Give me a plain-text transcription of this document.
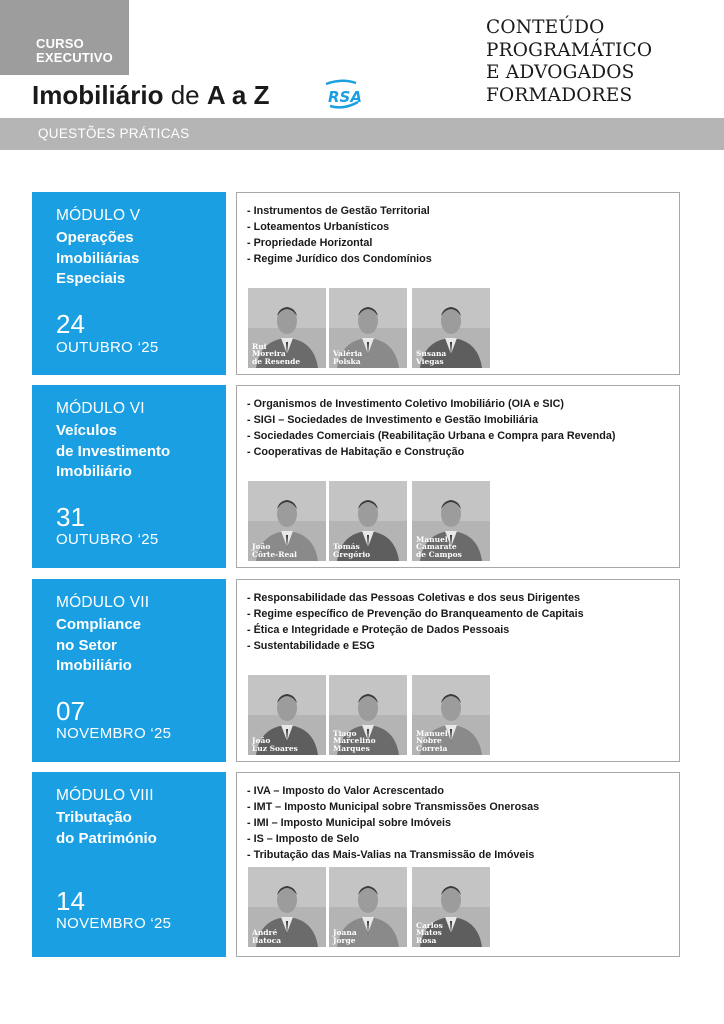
CURSO
EXECUTIVO
Imobiliário de A a Z	RSA
CONTEÚDO
PROGRAMÁTICO
E ADVOGADOS
FORMADORES
QUESTÕES PRÁTICAS
MÓDULO V
Operações
Imobiliárias
Especiais
24
OUTUBRO ‘25
- Instrumentos de Gestão Territorial
- Loteamentos Urbanísticos
- Propriedade Horizontal
- Regime Jurídico dos Condomínios
Rui
Moreira
de Resende
Valéria
Polska
Susana
Viegas
MÓDULO VI
Veículos
de Investimento
Imobiliário
31
OUTUBRO ‘25
- Organismos de Investimento Coletivo Imobiliário (OIA e SIC)
- SIGI – Sociedades de Investimento e Gestão Imobiliária
- Sociedades Comerciais (Reabilitação Urbana e Compra para Revenda)
- Cooperativas de Habitação e Construção
João
Côrte-Real
Tomás
Gregório
Manuel
Camarate
de Campos
MÓDULO VII
Compliance
no Setor
Imobiliário
07
NOVEMBRO ‘25
- Responsabilidade das Pessoas Coletivas e dos seus Dirigentes
- Regime específico de Prevenção do Branqueamento de Capitais
- Ética e Integridade e Proteção de Dados Pessoais
- Sustentabilidade e ESG
João
Luz Soares
Tiago
Marcelino
Marques
Manuel
Nobre
Correia
MÓDULO VIII
Tributação
do Património
14
NOVEMBRO ‘25
- IVA – Imposto do Valor Acrescentado
- IMT – Imposto Municipal sobre Transmissões Onerosas
- IMI – Imposto Municipal sobre Imóveis
- IS – Imposto de Selo
- Tributação das Mais-Valias na Transmissão de Imóveis
André
Batoca
Joana
Jorge
Carlos
Matos
Rosa
